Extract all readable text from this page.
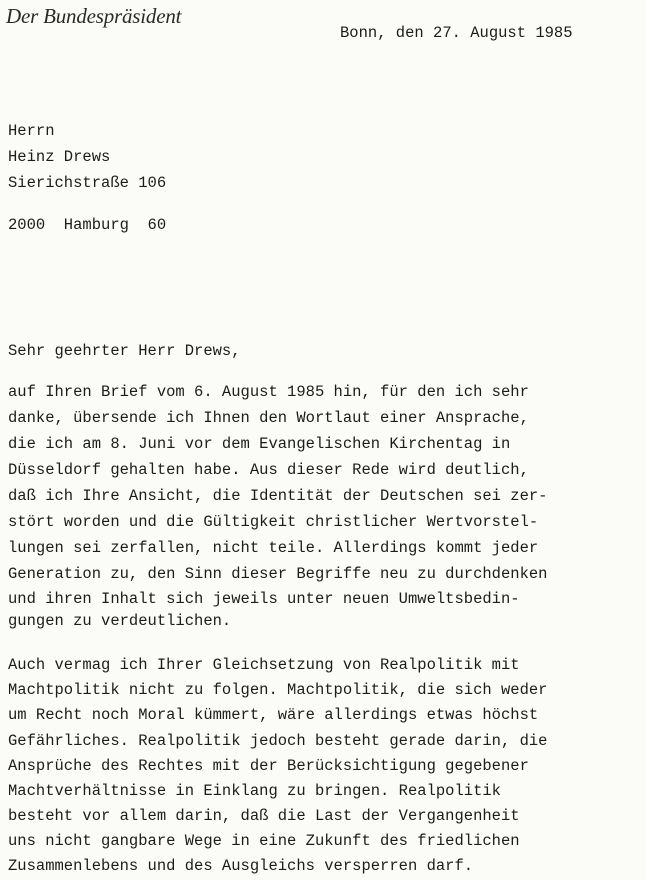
Der Bundespräsident
Bonn, den 27. August 1985
Herrn
Heinz Drews
Sierichstraße 106
2000  Hamburg  60
Sehr geehrter Herr Drews,
auf Ihren Brief vom 6. August 1985 hin, für den ich sehr
danke, übersende ich Ihnen den Wortlaut einer Ansprache,
die ich am 8. Juni vor dem Evangelischen Kirchentag in
Düsseldorf gehalten habe. Aus dieser Rede wird deutlich,
daß ich Ihre Ansicht, die Identität der Deutschen sei zer-
stört worden und die Gültigkeit christlicher Wertvorstel-
lungen sei zerfallen, nicht teile. Allerdings kommt jeder
Generation zu, den Sinn dieser Begriffe neu zu durchdenken
und ihren Inhalt sich jeweils unter neuen Umweltsbedin-
gungen zu verdeutlichen.
Auch vermag ich Ihrer Gleichsetzung von Realpolitik mit
Machtpolitik nicht zu folgen. Machtpolitik, die sich weder
um Recht noch Moral kümmert, wäre allerdings etwas höchst
Gefährliches. Realpolitik jedoch besteht gerade darin, die
Ansprüche des Rechtes mit der Berücksichtigung gegebener
Machtverhältnisse in Einklang zu bringen. Realpolitik
besteht vor allem darin, daß die Last der Vergangenheit
uns nicht gangbare Wege in eine Zukunft des friedlichen
Zusammenlebens und des Ausgleichs versperren darf.
